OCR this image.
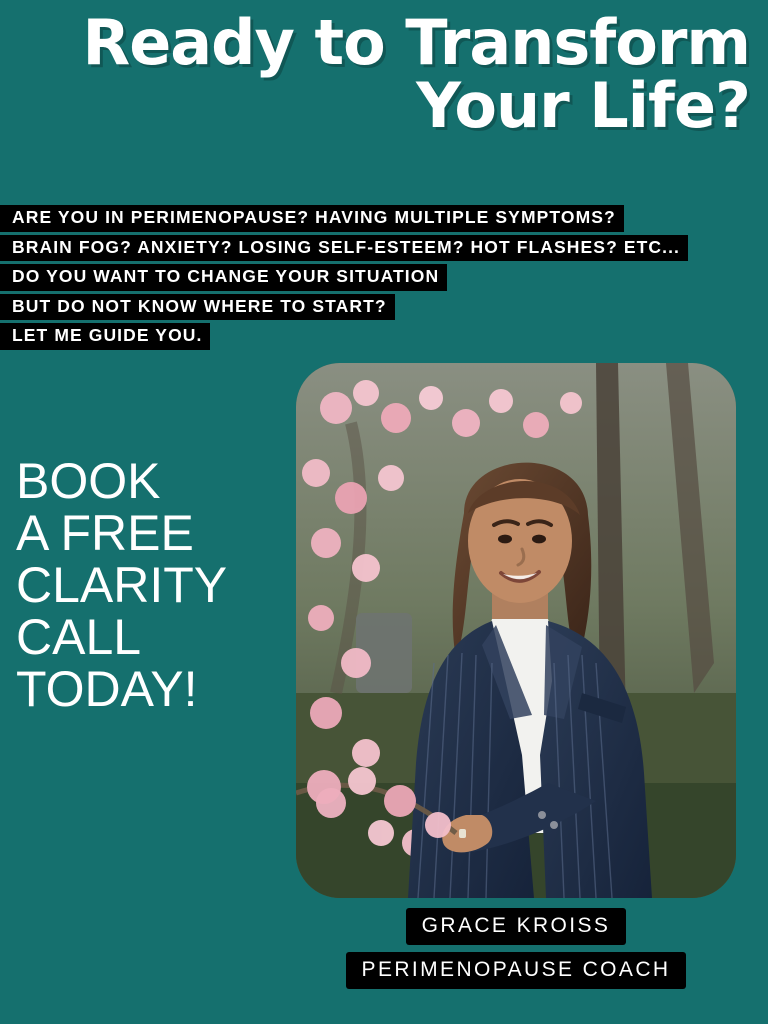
Ready to Transform
Your Life?
ARE YOU IN PERIMENOPAUSE? HAVING MULTIPLE SYMPTOMS?
BRAIN FOG? ANXIETY? LOSING SELF-ESTEEM? HOT FLASHES? ETC...
DO YOU WANT TO CHANGE YOUR SITUATION
BUT DO NOT KNOW WHERE TO START?
LET ME GUIDE YOU.
BOOK
A FREE
CLARITY
CALL
TODAY!
GRACE KROISS PERIMENOPAUSE COACH
